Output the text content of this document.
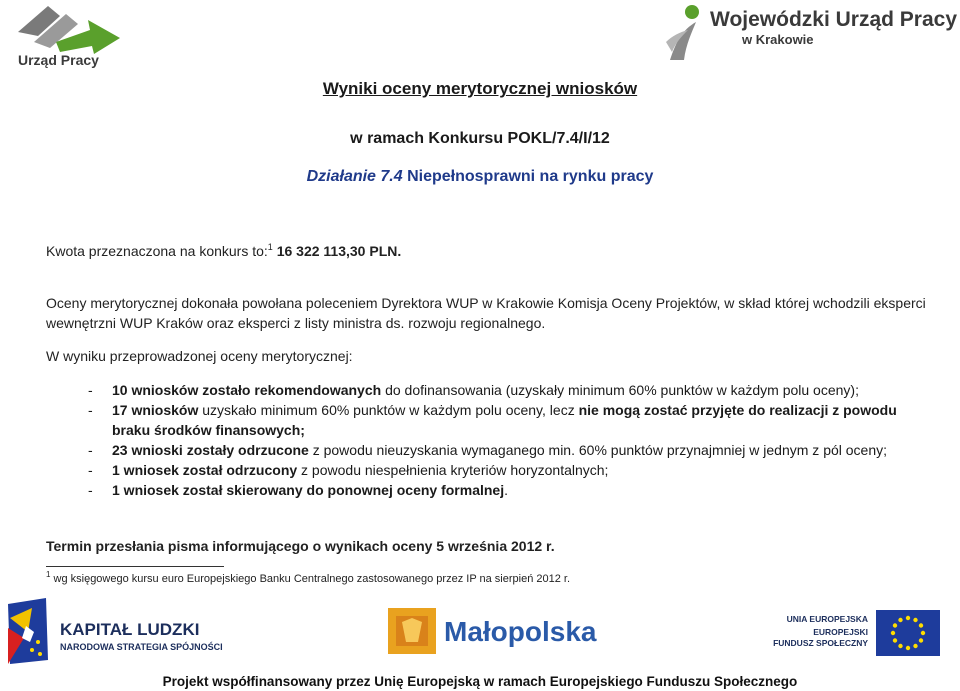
Urząd Pracy
Wojewódzki Urząd Pracy
w Krakowie
Wyniki oceny merytorycznej wniosków
w ramach Konkursu POKL/7.4/I/12
Działanie 7.4 Niepełnosprawni na rynku pracy
Kwota przeznaczona na konkurs to:$^1$ 16 322 113,30 PLN.
Oceny merytorycznej dokonała powołana poleceniem Dyrektora WUP w Krakowie Komisja Oceny Projektów, w skład której wchodzili eksperci wewnętrzni WUP Kraków oraz eksperci z listy ministra ds. rozwoju regionalnego.
W wyniku przeprowadzonej oceny merytorycznej:
- 10 wniosków zostało rekomendowanych do dofinansowania (uzyskały minimum 60% punktów w każdym polu oceny);
- 17 wniosków uzyskało minimum 60% punktów w każdym polu oceny, lecz nie mogą zostać przyjęte do realizacji z powodu braku środków finansowych;
- 23 wnioski zostały odrzucone z powodu nieuzyskania wymaganego min. 60% punktów przynajmniej w jednym z pól oceny;
- 1 wniosek został odrzucony z powodu niespełnienia kryteriów horyzontalnych;
- 1 wniosek został skierowany do ponownej oceny formalnej.
Termin przesłania pisma informującego o wynikach oceny 5 września 2012 r.
$^1$ wg księgowego kursu euro Europejskiego Banku Centralnego zastosowanego przez IP na sierpień 2012 r.
KAPITAŁ LUDZKI
NARODOWA STRATEGIA SPÓJNOŚCI	Małopolska	UNIA EUROPEJSKA
EUROPEJSKI
FUNDUSZ SPOŁECZNY
Projekt współfinansowany przez Unię Europejską w ramach Europejskiego Funduszu Społecznego
